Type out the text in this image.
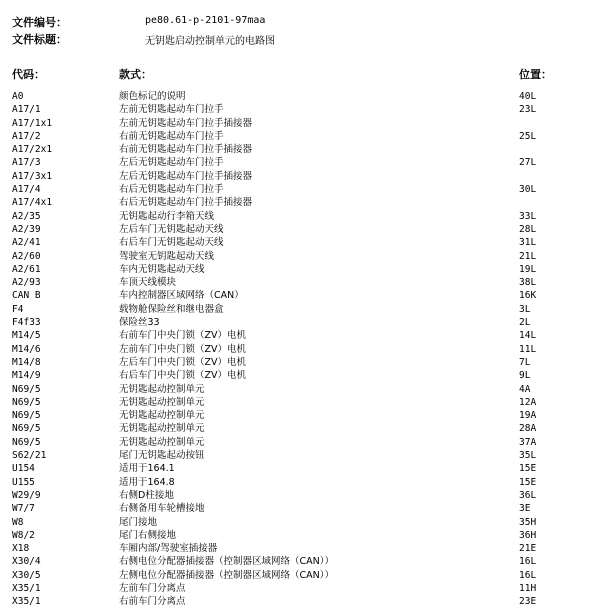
文件编号：	pe80.61-p-2101-97maa
文件标题：	无钥匙启动控制单元的电路图
代码：	款式：	位置：
A0	颜色标记的说明	40L
A17/1	左前无钥匙起动车门拉手	23L
A17/1x1	左前无钥匙起动车门拉手插接器
A17/2	右前无钥匙起动车门拉手	25L
A17/2x1	右前无钥匙起动车门拉手插接器
A17/3	左后无钥匙起动车门拉手	27L
A17/3x1	左后无钥匙起动车门拉手插接器
A17/4	右后无钥匙起动车门拉手	30L
A17/4x1	右后无钥匙起动车门拉手插接器
A2/35	无钥匙起动行李箱天线	33L
A2/39	左后车门无钥匙起动天线	28L
A2/41	右后车门无钥匙起动天线	31L
A2/60	驾驶室无钥匙起动天线	21L
A2/61	车内无钥匙起动天线	19L
A2/93	车顶天线模块	38L
CAN B	车内控制器区域网络（CAN）	16K
F4	载物舱保险丝和继电器盒	3L
F4f33	保险丝33	2L
M14/5	右前车门中央门锁（ZV）电机	14L
M14/6	左前车门中央门锁（ZV）电机	11L
M14/8	左后车门中央门锁（ZV）电机	7L
M14/9	右后车门中央门锁（ZV）电机	9L
N69/5	无钥匙起动控制单元	4A
N69/5	无钥匙起动控制单元	12A
N69/5	无钥匙起动控制单元	19A
N69/5	无钥匙起动控制单元	28A
N69/5	无钥匙起动控制单元	37A
S62/21	尾门无钥匙起动按钮	35L
U154	适用于164.1	15E
U155	适用于164.8	15E
W29/9	右侧D柱接地	36L
W7/7	右侧备用车轮槽接地	3E
W8	尾门接地	35H
W8/2	尾门右侧接地	36H
X18	车厢内部/驾驶室插接器	21E
X30/4	右侧电位分配器插接器（控制器区域网络（CAN））	16L
X30/5	左侧电位分配器插接器（控制器区域网络（CAN））	16L
X35/1	左前车门分离点	11H
X35/1	右前车门分离点	23E
